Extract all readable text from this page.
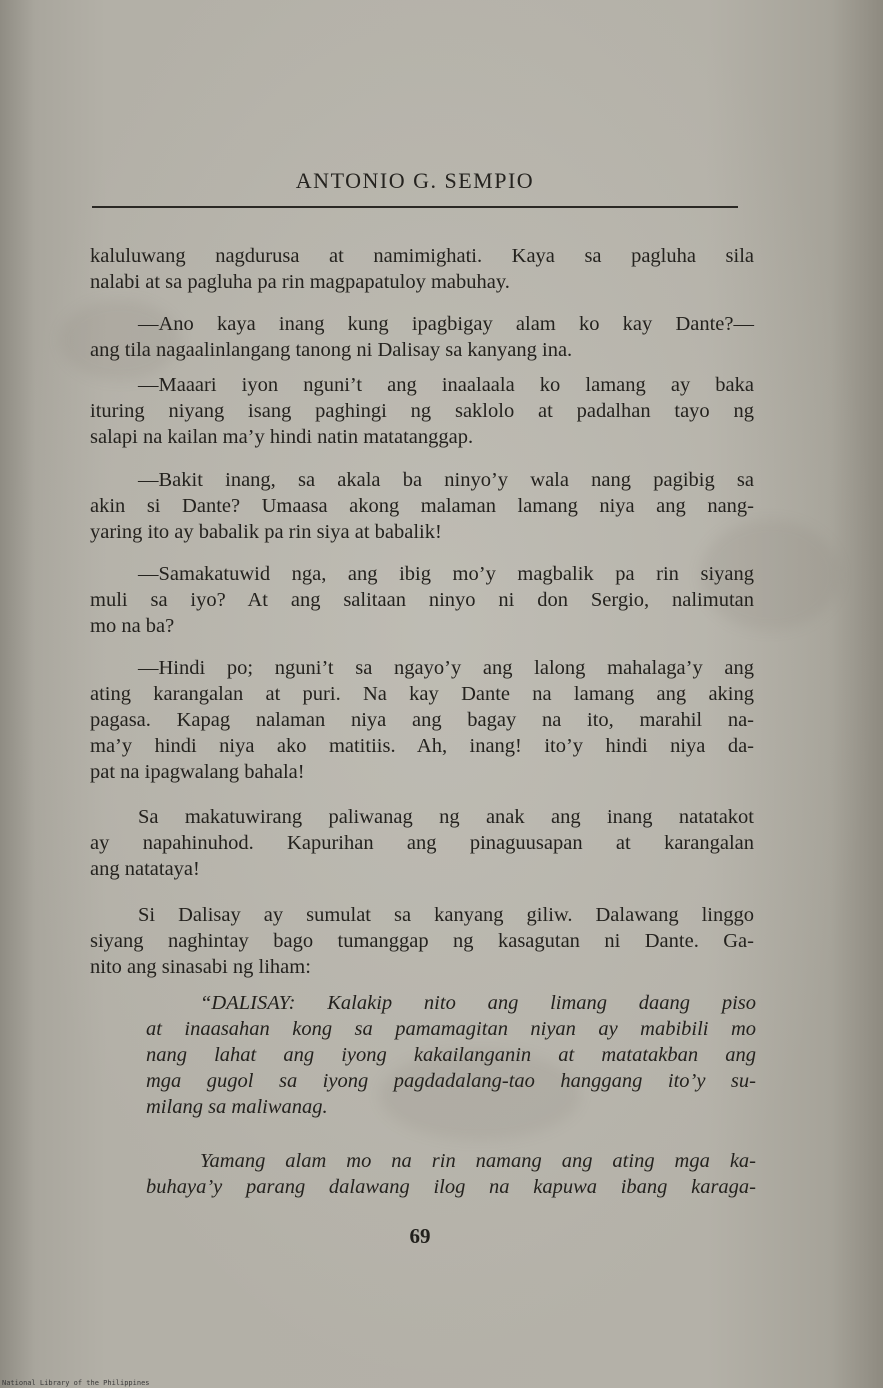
ANTONIO G. SEMPIO
kaluluwang nagdurusa at namimighati. Kaya sa pagluha sila
nalabi at sa pagluha pa rin magpapatuloy mabuhay.
—Ano kaya inang kung ipagbigay alam ko kay Dante?—
ang tila nagaalinlangang tanong ni Dalisay sa kanyang ina.
—Maaari iyon nguni’t ang inaalaala ko lamang ay baka
ituring niyang isang paghingi ng saklolo at padalhan tayo ng
salapi na kailan ma’y hindi natin matatanggap.
—Bakit inang, sa akala ba ninyo’y wala nang pagibig sa
akin si Dante? Umaasa akong malaman lamang niya ang nang-
yaring ito ay babalik pa rin siya at babalik!
—Samakatuwid nga, ang ibig mo’y magbalik pa rin siyang
muli sa iyo? At ang salitaan ninyo ni don Sergio, nalimutan
mo na ba?
—Hindi po; nguni’t sa ngayo’y ang lalong mahalaga’y ang
ating karangalan at puri. Na kay Dante na lamang ang aking
pagasa. Kapag nalaman niya ang bagay na ito, marahil na-
ma’y hindi niya ako matitiis. Ah, inang! ito’y hindi niya da-
pat na ipagwalang bahala!
Sa makatuwirang paliwanag ng anak ang inang natatakot
ay napahinuhod. Kapurihan ang pinaguusapan at karangalan
ang natataya!
Si Dalisay ay sumulat sa kanyang giliw. Dalawang linggo
siyang naghintay bago tumanggap ng kasagutan ni Dante. Ga-
nito ang sinasabi ng liham:
“DALISAY: Kalakip nito ang limang daang piso
at inaasahan kong sa pamamagitan niyan ay mabibili mo
nang lahat ang iyong kakailanganin at matatakban ang
mga gugol sa iyong pagdadalang-tao hanggang ito’y su-
milang sa maliwanag.
Yamang alam mo na rin namang ang ating mga ka-
buhaya’y parang dalawang ilog na kapuwa ibang karaga-
69
National Library of the Philippines
